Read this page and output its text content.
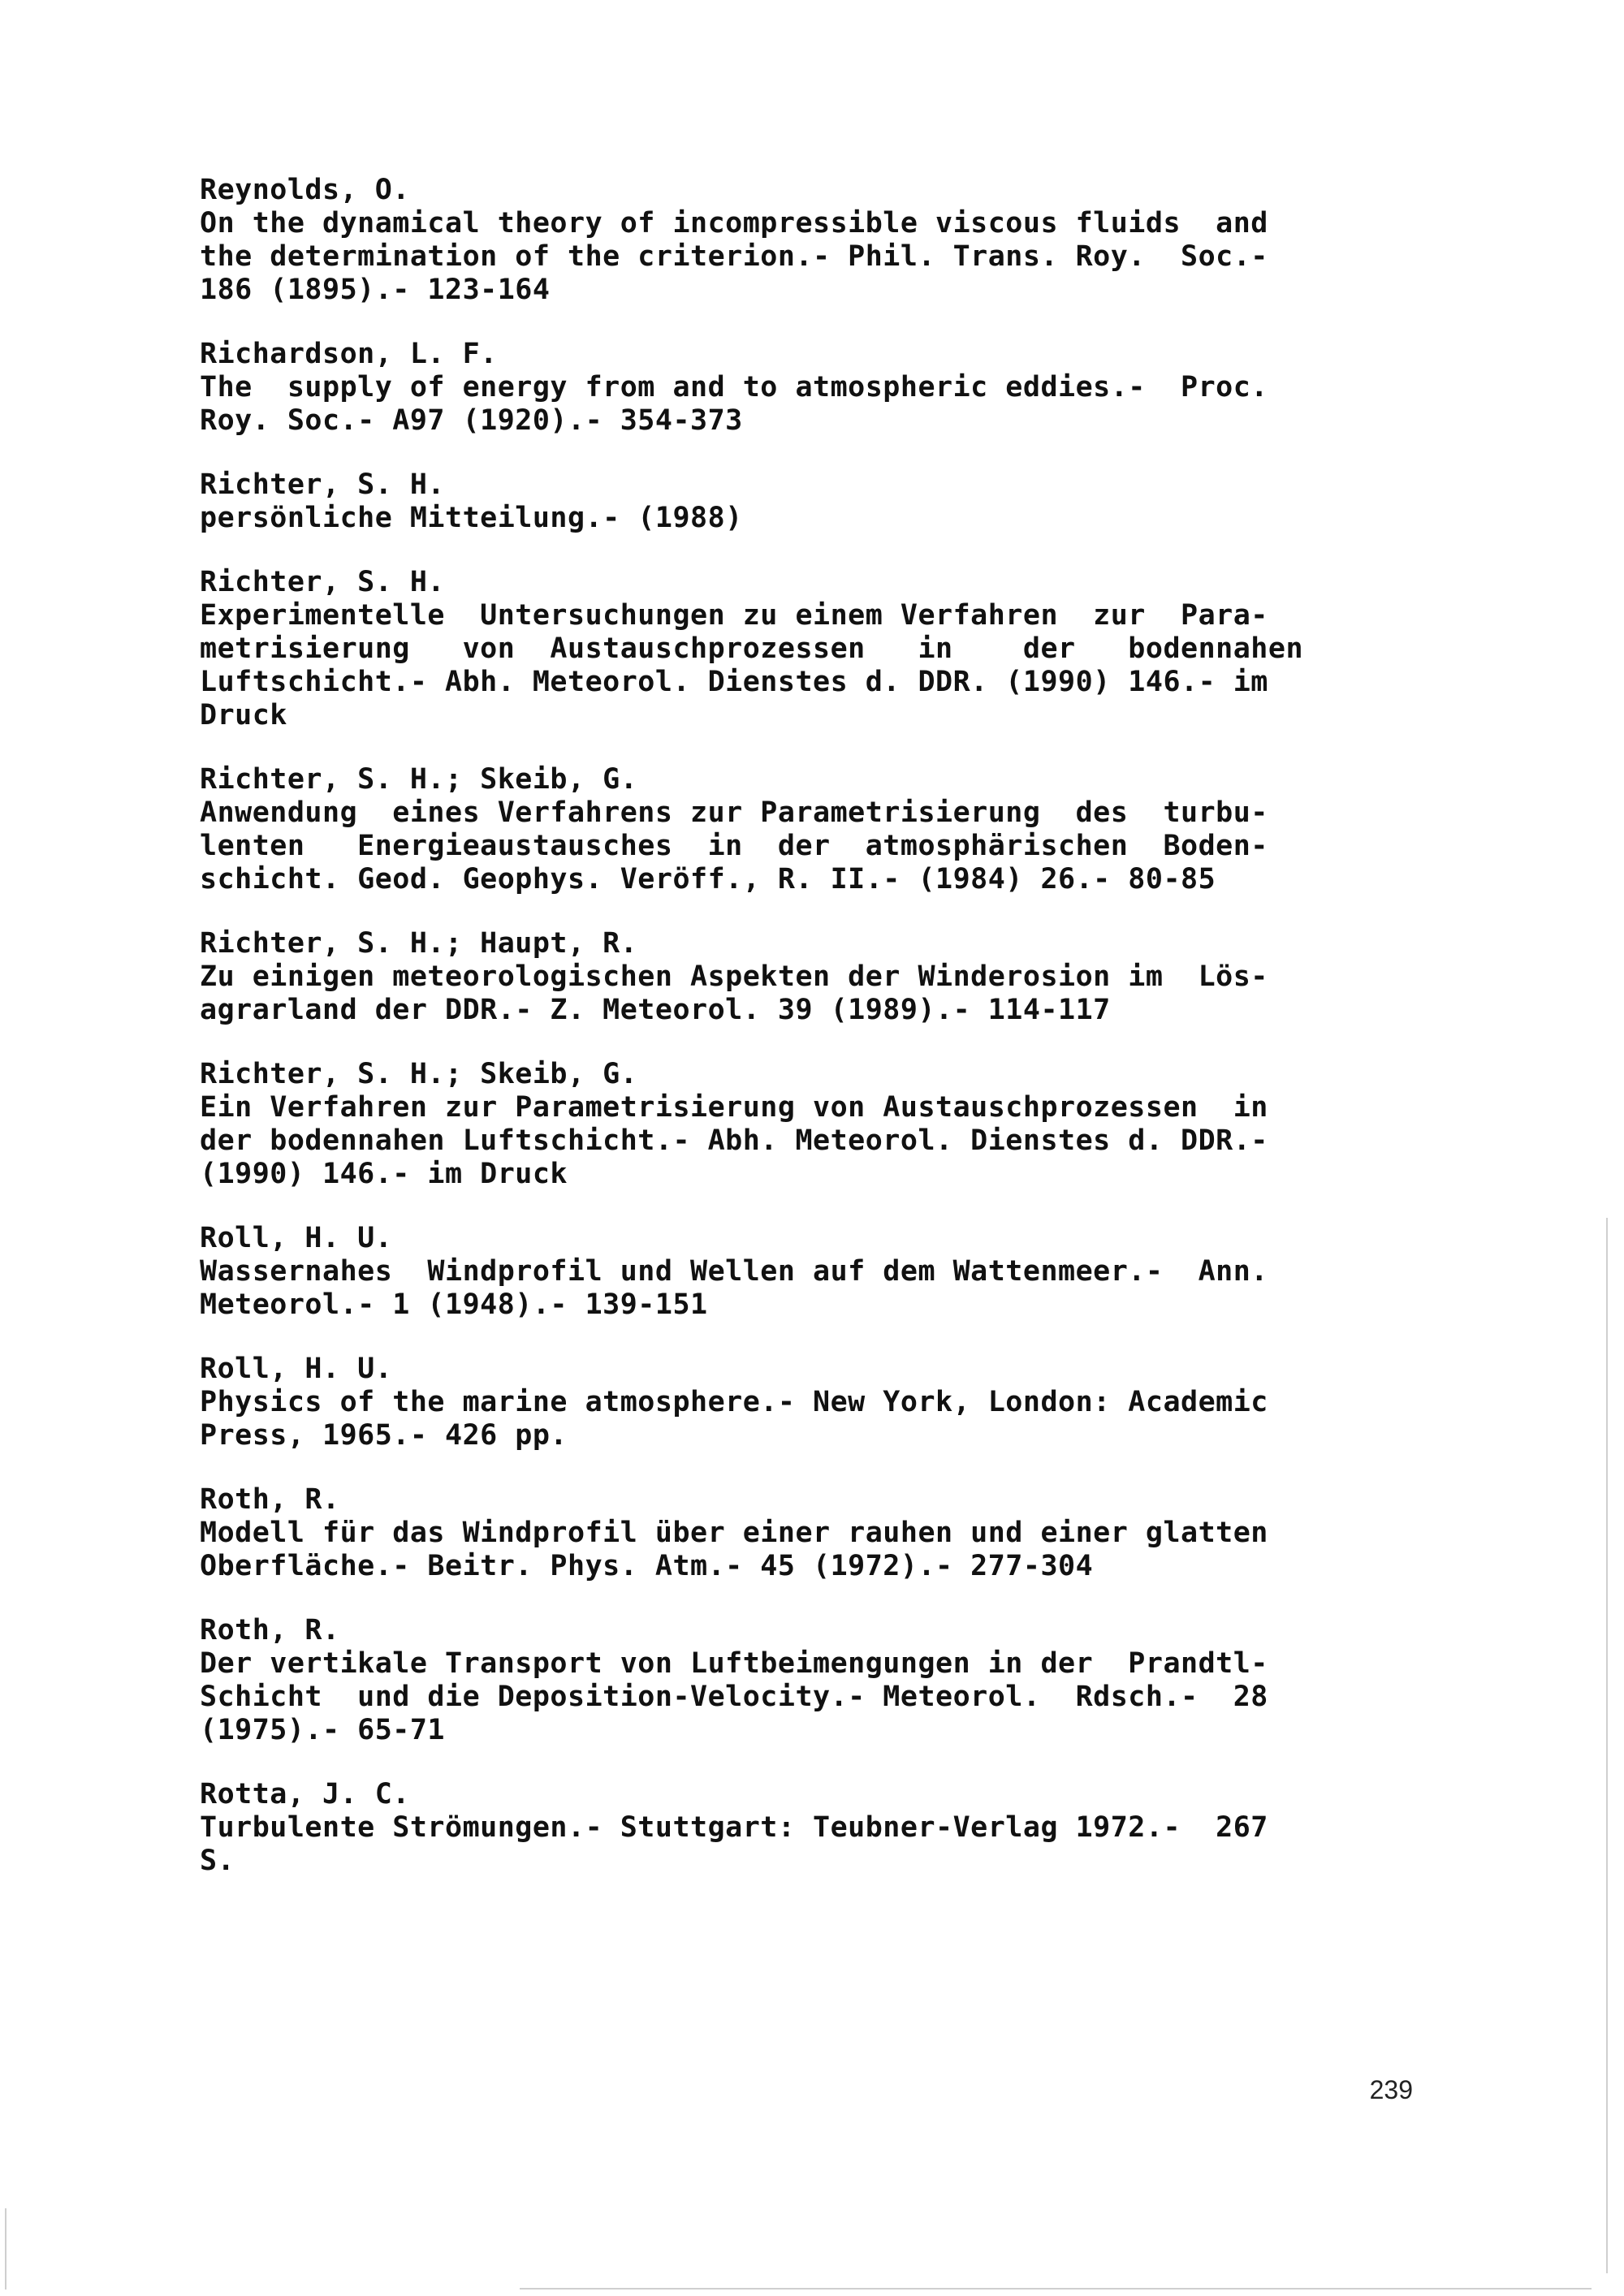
Reynolds, O.
On the dynamical theory of incompressible viscous fluids  and
the determination of the criterion.- Phil. Trans. Roy.  Soc.-
186 (1895).- 123-164
Richardson, L. F.
The  supply of energy from and to atmospheric eddies.-  Proc.
Roy. Soc.- A97 (1920).- 354-373
Richter, S. H.
persönliche Mitteilung.- (1988)
Richter, S. H.
Experimentelle  Untersuchungen zu einem Verfahren  zur  Para-
metrisierung   von  Austauschprozessen   in    der   bodennahen
Luftschicht.- Abh. Meteorol. Dienstes d. DDR. (1990) 146.- im
Druck
Richter, S. H.; Skeib, G.
Anwendung  eines Verfahrens zur Parametrisierung  des  turbu-
lenten   Energieaustausches  in  der  atmosphärischen  Boden-
schicht. Geod. Geophys. Veröff., R. II.- (1984) 26.- 80-85
Richter, S. H.; Haupt, R.
Zu einigen meteorologischen Aspekten der Winderosion im  Lös-
agrarland der DDR.- Z. Meteorol. 39 (1989).- 114-117
Richter, S. H.; Skeib, G.
Ein Verfahren zur Parametrisierung von Austauschprozessen  in
der bodennahen Luftschicht.- Abh. Meteorol. Dienstes d. DDR.-
(1990) 146.- im Druck
Roll, H. U.
Wassernahes  Windprofil und Wellen auf dem Wattenmeer.-  Ann.
Meteorol.- 1 (1948).- 139-151
Roll, H. U.
Physics of the marine atmosphere.- New York, London: Academic
Press, 1965.- 426 pp.
Roth, R.
Modell für das Windprofil über einer rauhen und einer glatten
Oberfläche.- Beitr. Phys. Atm.- 45 (1972).- 277-304
Roth, R.
Der vertikale Transport von Luftbeimengungen in der  Prandtl-
Schicht  und die Deposition-Velocity.- Meteorol.  Rdsch.-  28
(1975).- 65-71
Rotta, J. C.
Turbulente Strömungen.- Stuttgart: Teubner-Verlag 1972.-  267
S.
239
